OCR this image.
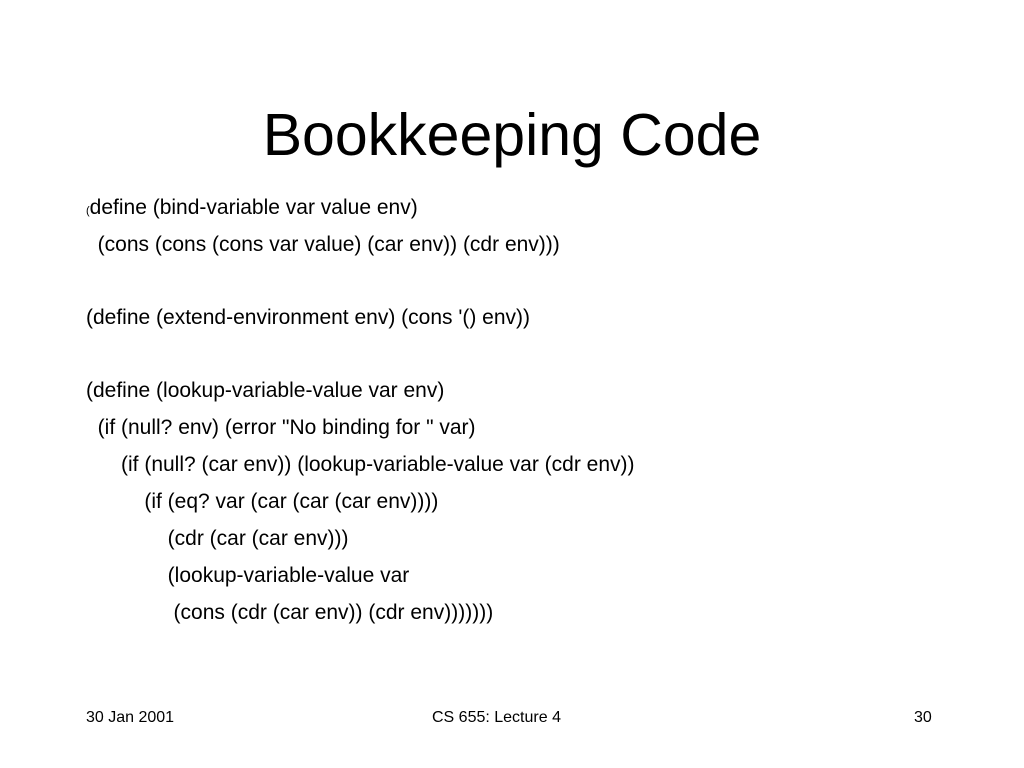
Bookkeeping Code
(define (bind-variable var value env)
(cons (cons (cons var value) (car env)) (cdr env)))
(define (extend-environment env) (cons '() env))
(define (lookup-variable-value var env)
(if (null? env) (error "No binding for " var)
(if (null? (car env)) (lookup-variable-value var (cdr env))
(if (eq? var (car (car (car env))))
(cdr (car (car env)))
(lookup-variable-value var
(cons (cdr (car env)) (cdr env)))))))
30 Jan 2001	CS 655: Lecture 4	30
